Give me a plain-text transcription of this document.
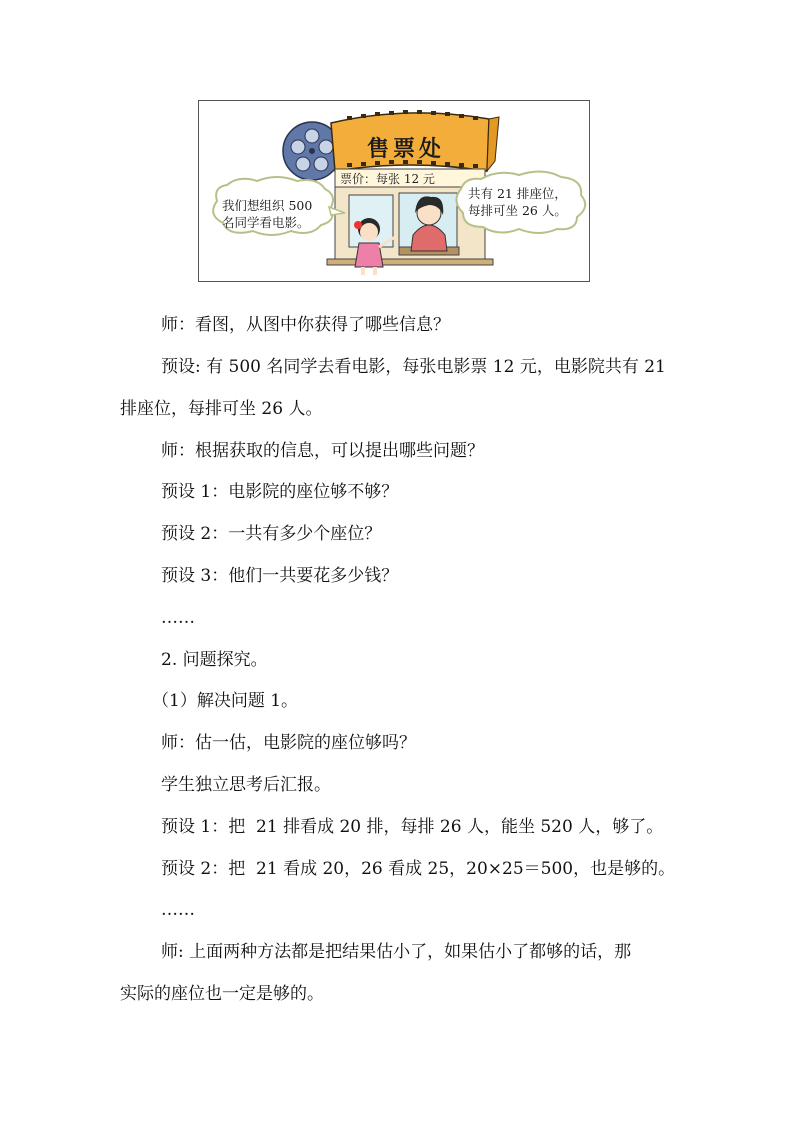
售票处
票价：每张 12 元
我们想组织 500
名同学看电影。
共有 21 排座位，
每排可坐 26 人。
师：看图，从图中你获得了哪些信息？
预设: 有 500 名同学去看电影，每张电影票 12 元，电影院共有 21
排座位，每排可坐 26 人。
师：根据获取的信息，可以提出哪些问题？
预设 1：电影院的座位够不够？
预设 2：一共有多少个座位？
预设 3：他们一共要花多少钱？
……
2. 问题探究。
（1）解决问题 1。
师：估一估，电影院的座位够吗？
学生独立思考后汇报。
预设 1：把  21 排看成 20 排，每排 26 人，能坐 520 人，够了。
预设 2：把  21 看成 20，26 看成 25，20×25＝500，也是够的。
……
师: 上面两种方法都是把结果估小了，如果估小了都够的话，那
实际的座位也一定是够的。
